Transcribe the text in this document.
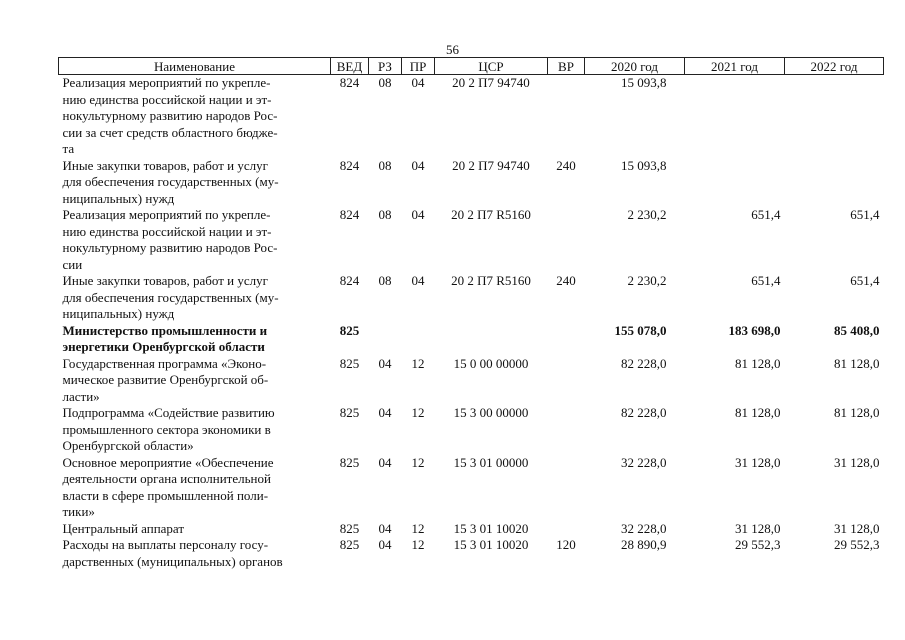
56
Наименование	ВЕД	РЗ	ПР	ЦСР	ВР	2020 год	2021 год	2022 год

Реализация мероприятий по укрепле-
нию единства российской нации и эт-
нокультурному развитию народов Рос-
сии за счет средств областного бюдже-
та	824	08	04	20 2 П7 94740		15 093,8		

Иные закупки товаров, работ и услуг
для обеспечения государственных (му-
ниципальных) нужд	824	08	04	20 2 П7 94740	240	15 093,8		

Реализация мероприятий по укрепле-
нию единства российской нации и эт-
нокультурному развитию народов Рос-
сии	824	08	04	20 2 П7 R5160		2 230,2	651,4	651,4

Иные закупки товаров, работ и услуг
для обеспечения государственных (му-
ниципальных) нужд	824	08	04	20 2 П7 R5160	240	2 230,2	651,4	651,4

Министерство промышленности и
энергетики Оренбургской области	825					155 078,0	183 698,0	85 408,0

Государственная программа «Эконо-
мическое развитие Оренбургской об-
ласти»	825	04	12	15 0 00 00000		82 228,0	81 128,0	81 128,0

Подпрограмма «Содействие развитию
промышленного сектора экономики в
Оренбургской области»	825	04	12	15 3 00 00000		82 228,0	81 128,0	81 128,0

Основное мероприятие «Обеспечение
деятельности органа исполнительной
власти в сфере промышленной поли-
тики»	825	04	12	15 3 01 00000		32 228,0	31 128,0	31 128,0

Центральный аппарат	825	04	12	15 3 01 10020		32 228,0	31 128,0	31 128,0

Расходы на выплаты персоналу госу-
дарственных (муниципальных) органов	825	04	12	15 3 01 10020	120	28 890,9	29 552,3	29 552,3
